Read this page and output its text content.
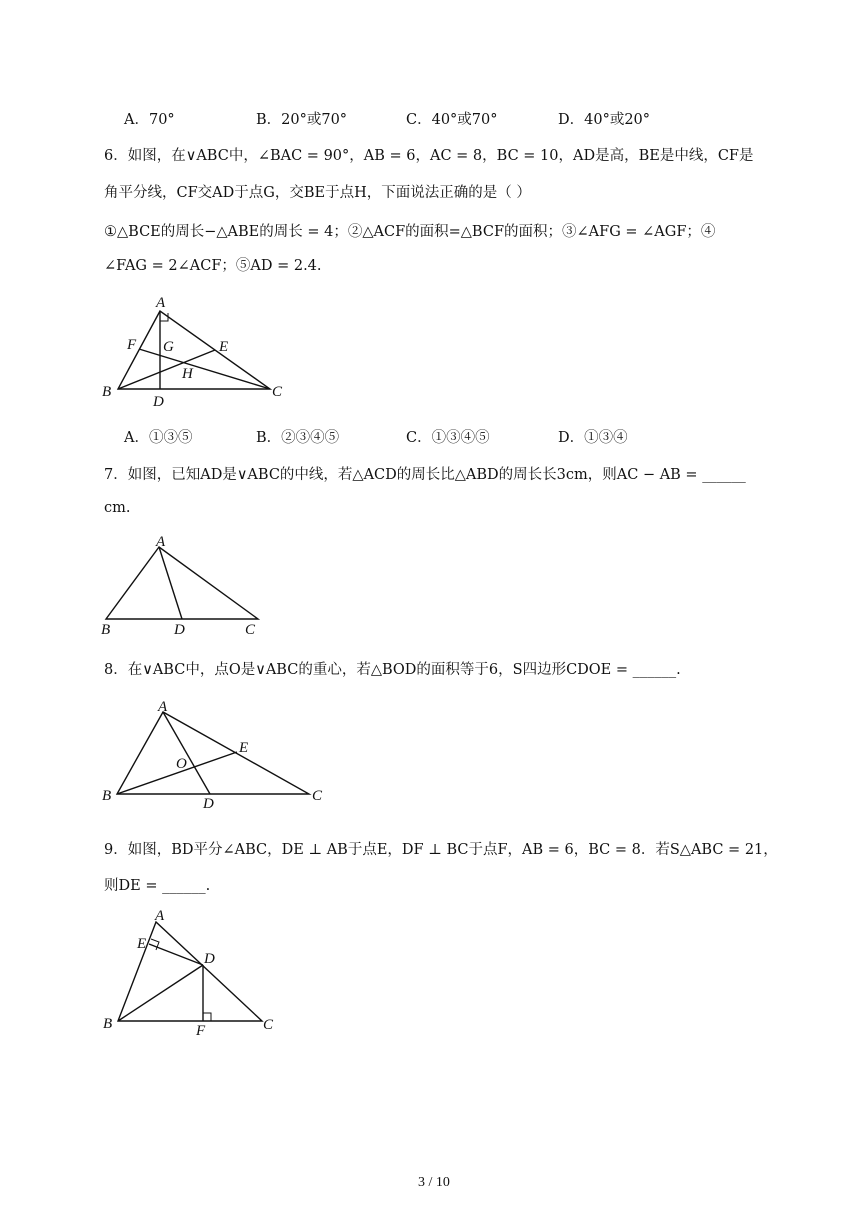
A．70°	B．20°或70°	C．40°或70°	D．40°或20°
6．如图，在∨ABC中，∠BAC = 90°，AB = 6，AC = 8，BC = 10，AD是高，BE是中线，CF是
角平分线，CF交AD于点G，交BE于点H，下面说法正确的是（ ）
①△BCE的周长−△ABE的周长 = 4；②△ACF的面积=△BCF的面积；③∠AFG = ∠AGF；④
∠FAG = 2∠ACF；⑤AD = 2.4.
A
B	C
D
E
F G
H
A．①③⑤	B．②③④⑤	C．①③④⑤	D．①③④
7．如图，已知AD是∨ABC的中线，若△ACD的周长比△ABD的周长长3cm，则AC − AB = ______
cm.
A
B	C
D
8．在∨ABC中，点O是∨ABC的重心，若△BOD的面积等于6，S四边形CDOE = ______.
A
B	C
D
E
O
9．如图，BD平分∠ABC，DE ⊥ AB于点E，DF ⊥ BC于点F，AB = 6，BC = 8．若S△ABC = 21，
则DE = ______.
A
B	C
D
E
F
3 / 10
